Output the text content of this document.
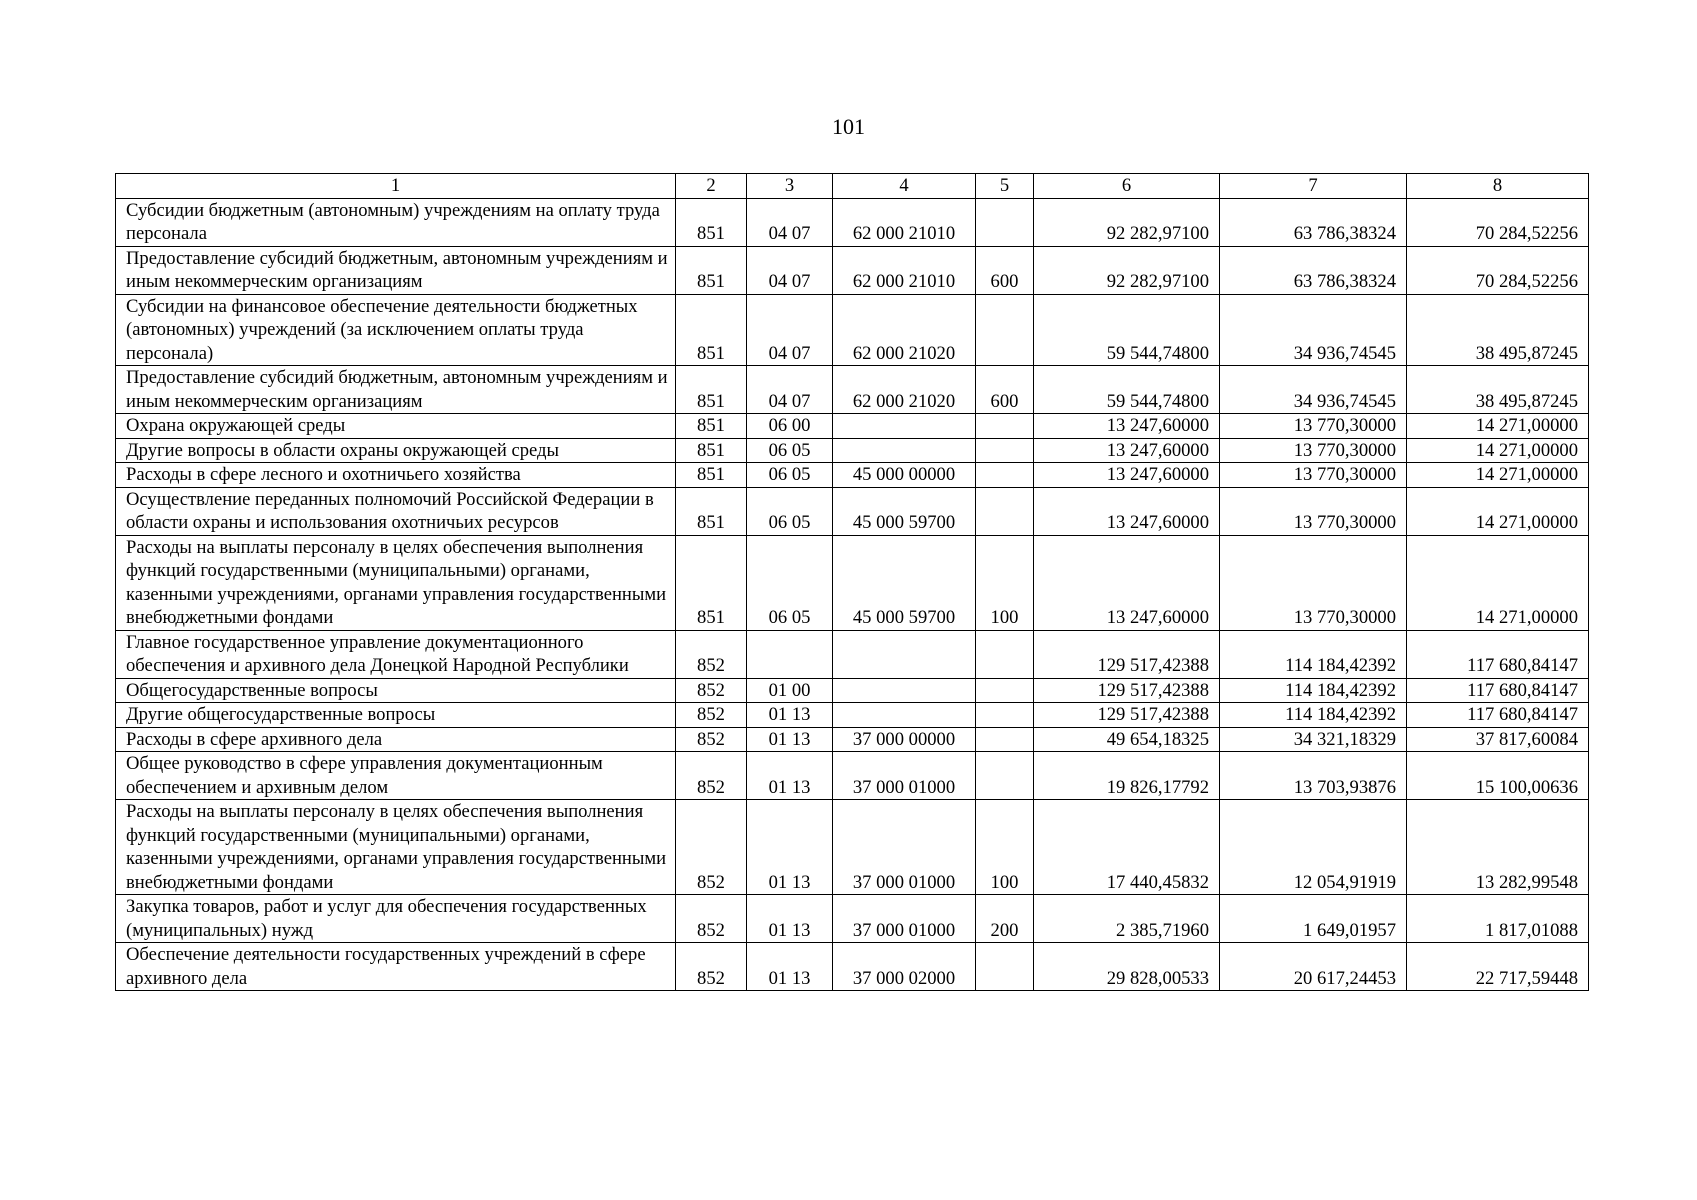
101
1	2	3	4	5	6	7	8
Субсидии бюджетным (автономным) учреждениям на оплату труда персонала	851	04 07	62 000 21010		92 282,97100	63 786,38324	70 284,52256
Предоставление субсидий бюджетным, автономным учреждениям и иным некоммерческим организациям	851	04 07	62 000 21010	600	92 282,97100	63 786,38324	70 284,52256
Субсидии на финансовое обеспечение деятельности бюджетных (автономных) учреждений (за исключением оплаты труда персонала)	851	04 07	62 000 21020		59 544,74800	34 936,74545	38 495,87245
Предоставление субсидий бюджетным, автономным учреждениям и иным некоммерческим организациям	851	04 07	62 000 21020	600	59 544,74800	34 936,74545	38 495,87245
Охрана окружающей среды	851	06 00			13 247,60000	13 770,30000	14 271,00000
Другие вопросы в области охраны окружающей среды	851	06 05			13 247,60000	13 770,30000	14 271,00000
Расходы в сфере лесного и охотничьего хозяйства	851	06 05	45 000 00000		13 247,60000	13 770,30000	14 271,00000
Осуществление переданных полномочий Российской Федерации в области охраны и использования охотничьих ресурсов	851	06 05	45 000 59700		13 247,60000	13 770,30000	14 271,00000
Расходы на выплаты персоналу в целях обеспечения выполнения функций государственными (муниципальными) органами, казенными учреждениями, органами управления государственными внебюджетными фондами	851	06 05	45 000 59700	100	13 247,60000	13 770,30000	14 271,00000
Главное государственное управление документационного обеспечения и архивного дела Донецкой Народной Республики	852				129 517,42388	114 184,42392	117 680,84147
Общегосударственные вопросы	852	01 00			129 517,42388	114 184,42392	117 680,84147
Другие общегосударственные вопросы	852	01 13			129 517,42388	114 184,42392	117 680,84147
Расходы в сфере архивного дела	852	01 13	37 000 00000		49 654,18325	34 321,18329	37 817,60084
Общее руководство в сфере управления документационным обеспечением и архивным делом	852	01 13	37 000 01000		19 826,17792	13 703,93876	15 100,00636
Расходы на выплаты персоналу в целях обеспечения выполнения функций государственными (муниципальными) органами, казенными учреждениями, органами управления государственными внебюджетными фондами	852	01 13	37 000 01000	100	17 440,45832	12 054,91919	13 282,99548
Закупка товаров, работ и услуг для обеспечения государственных (муниципальных) нужд	852	01 13	37 000 01000	200	2 385,71960	1 649,01957	1 817,01088
Обеспечение деятельности государственных учреждений в сфере архивного дела	852	01 13	37 000 02000		29 828,00533	20 617,24453	22 717,59448
